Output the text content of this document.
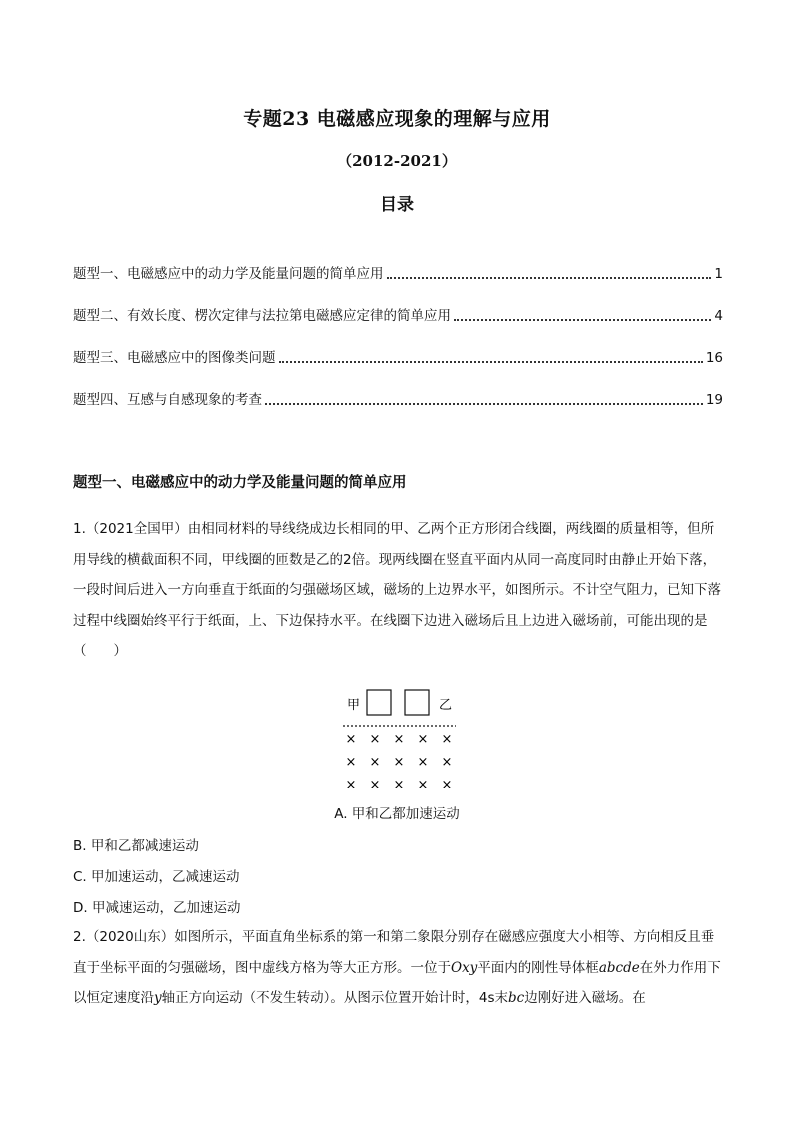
专题23 电磁感应现象的理解与应用
（2012-2021）
目录
题型一、电磁感应中的动力学及能量问题的简单应用	1
题型二、有效长度、楞次定律与法拉第电磁感应定律的简单应用	4
题型三、电磁感应中的图像类问题	16
题型四、互感与自感现象的考查	19
题型一、电磁感应中的动力学及能量问题的简单应用

1.（2021全国甲）由相同材料的导线绕成边长相同的甲、乙两个正方形闭合线圈，两线圈的质量相等，但所用导线的横截面积不同，甲线圈的匝数是乙的2倍。现两线圈在竖直平面内从同一高度同时由静止开始下落，一段时间后进入一方向垂直于纸面的匀强磁场区域，磁场的上边界水平，如图所示。不计空气阻力，已知下落过程中线圈始终平行于纸面，上、下边保持水平。在线圈下边进入磁场后且上边进入磁场前，可能出现的是（　　）

甲	乙
× × × × ×
× × × × ×
× × × × ×
A. 甲和乙都加速运动
B. 甲和乙都减速运动
C. 甲加速运动，乙减速运动
D. 甲减速运动，乙加速运动

2.（2020山东）如图所示，平面直角坐标系的第一和第二象限分别存在磁感应强度大小相等、方向相反且垂直于坐标平面的匀强磁场，图中虚线方格为等大正方形。一位于Oxy平面内的刚性导体框abcde在外力作用下以恒定速度沿y轴正方向运动（不发生转动）。从图示位置开始计时，4s末bc边刚好进入磁场。在
